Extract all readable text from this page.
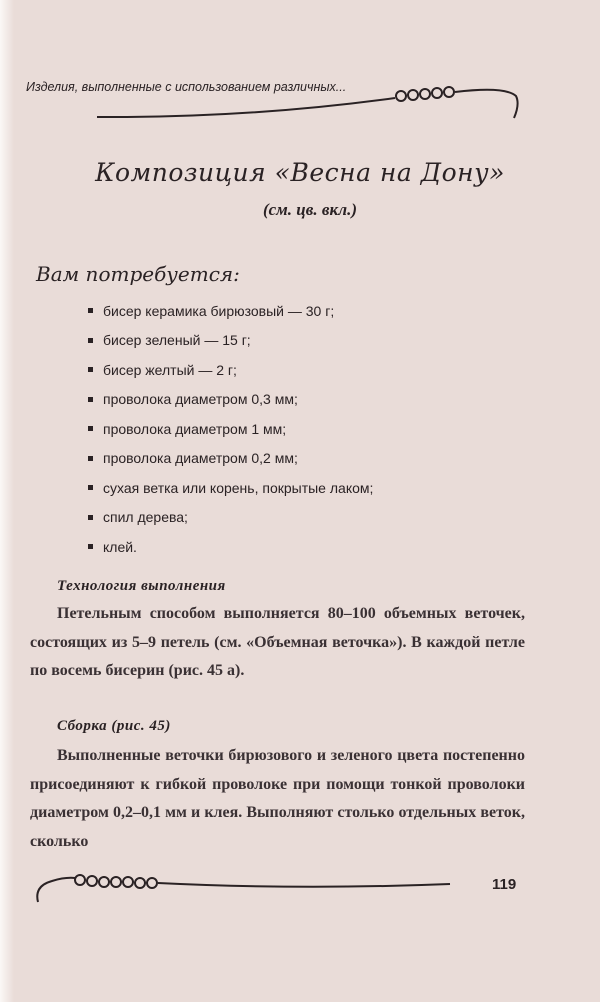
Изделия, выполненные с использованием различных...
Композиция «Весна на Дону»
(см. цв. вкл.)
Вам потребуется:
бисер керамика бирюзовый — 30 г;
бисер зеленый — 15 г;
бисер желтый — 2 г;
проволока диаметром 0,3 мм;
проволока диаметром 1 мм;
проволока диаметром 0,2 мм;
сухая ветка или корень, покрытые лаком;
спил дерева;
клей.
Технология выполнения
Петельным способом выполняется 80–100 объемных веточек, состоящих из 5–9 петель (см. «Объемная веточка»). В каждой петле по восемь бисерин (рис. 45 а).
Сборка (рис. 45)
Выполненные веточки бирюзового и зеленого цвета постепенно присоединяют к гибкой проволоке при помощи тонкой проволоки диаметром 0,2–0,1 мм и клея. Выполняют столько отдельных веток, сколько
119
